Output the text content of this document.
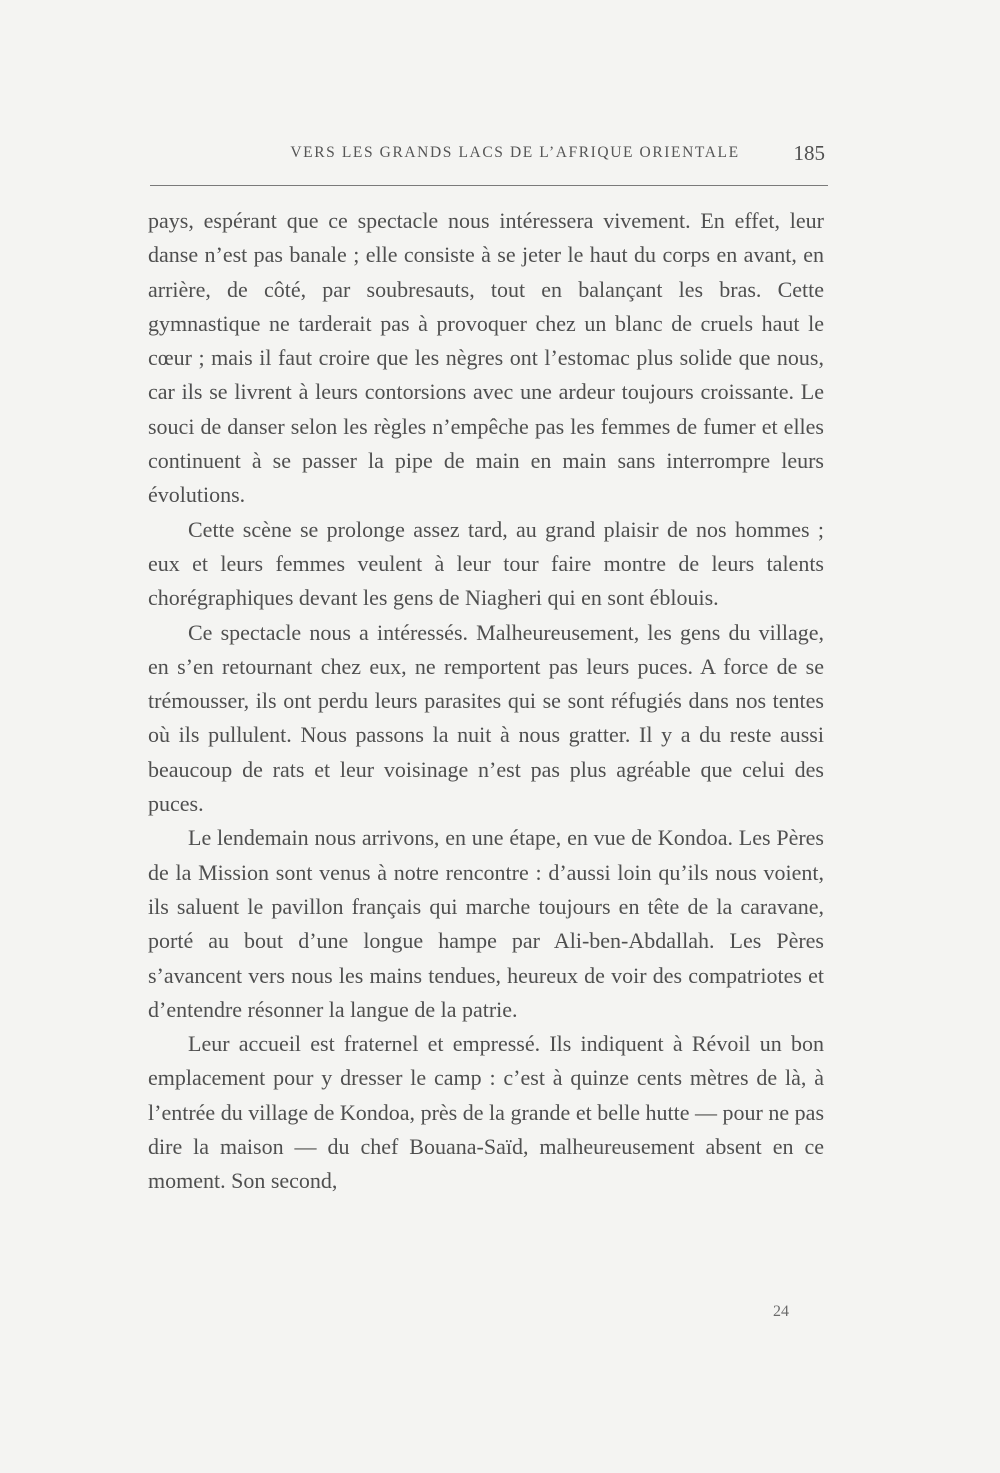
VERS LES GRANDS LACS DE L’AFRIQUE ORIENTALE	185

pays, espérant que ce spectacle nous intéressera vivement. En effet, leur danse n’est pas banale ; elle consiste à se jeter le haut du corps en avant, en arrière, de côté, par soubresauts, tout en balançant les bras. Cette gymnastique ne tarderait pas à provoquer chez un blanc de cruels haut le cœur ; mais il faut croire que les nègres ont l’estomac plus solide que nous, car ils se livrent à leurs contorsions avec une ardeur toujours croissante. Le souci de danser selon les règles n’empêche pas les femmes de fumer et elles continuent à se passer la pipe de main en main sans interrompre leurs évolutions.

Cette scène se prolonge assez tard, au grand plaisir de nos hommes ; eux et leurs femmes veulent à leur tour faire montre de leurs talents chorégraphiques devant les gens de Niagheri qui en sont éblouis.

Ce spectacle nous a intéressés. Malheureusement, les gens du village, en s’en retournant chez eux, ne remportent pas leurs puces. A force de se trémousser, ils ont perdu leurs parasites qui se sont réfugiés dans nos tentes où ils pullulent. Nous passons la nuit à nous gratter. Il y a du reste aussi beaucoup de rats et leur voisinage n’est pas plus agréable que celui des puces.

Le lendemain nous arrivons, en une étape, en vue de Kondoa. Les Pères de la Mission sont venus à notre rencontre : d’aussi loin qu’ils nous voient, ils saluent le pavillon français qui marche toujours en tête de la caravane, porté au bout d’une longue hampe par Ali-ben-Abdallah. Les Pères s’avancent vers nous les mains tendues, heureux de voir des compatriotes et d’entendre résonner la langue de la patrie.

Leur accueil est fraternel et empressé. Ils indiquent à Révoil un bon emplacement pour y dresser le camp : c’est à quinze cents mètres de là, à l’entrée du village de Kondoa, près de la grande et belle hutte — pour ne pas dire la maison — du chef Bouana-Saïd, malheureusement absent en ce moment. Son second,

24
